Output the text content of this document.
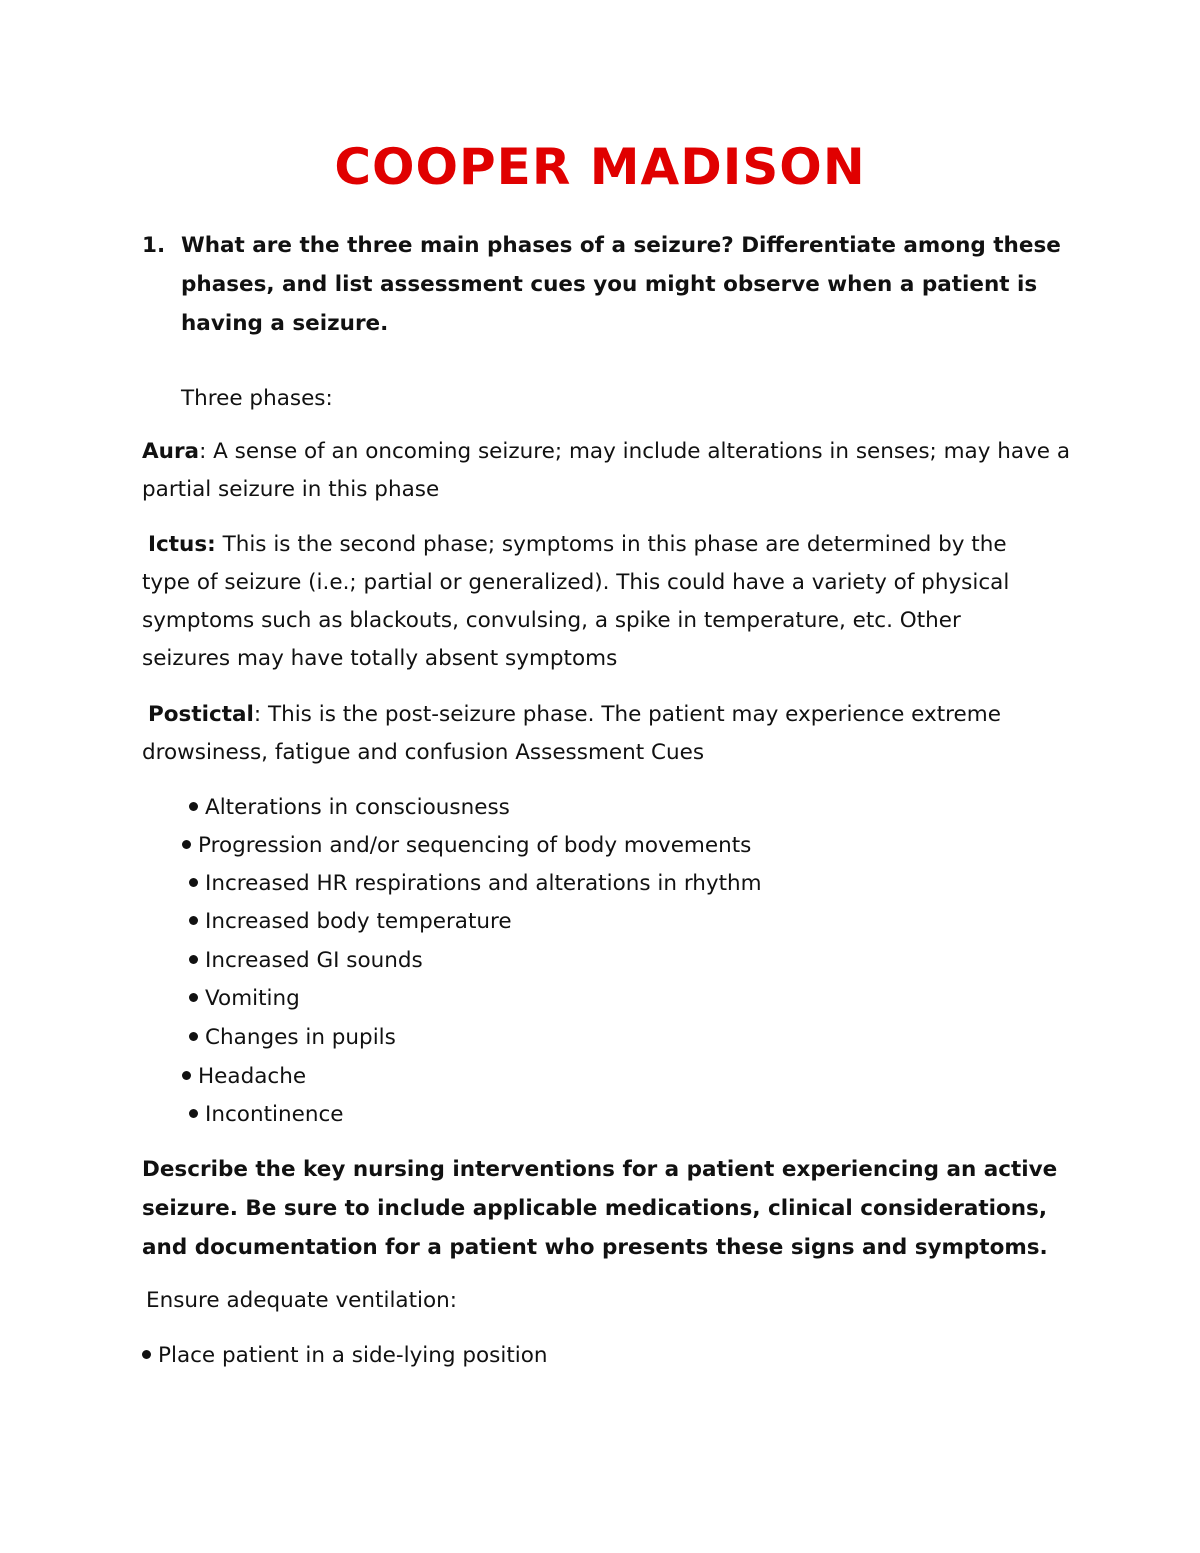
COOPER MADISON
1. What are the three main phases of a seizure? Differentiate among these phases, and list assessment cues you might observe when a patient is having a seizure.
Three phases:
Aura: A sense of an oncoming seizure; may include alterations in senses; may have a partial seizure in this phase
Ictus: This is the second phase; symptoms in this phase are determined by the type of seizure (i.e.; partial or generalized). This could have a variety of physical symptoms such as blackouts, convulsing, a spike in temperature, etc. Other seizures may have totally absent symptoms
Postictal: This is the post-seizure phase. The patient may experience extreme drowsiness, fatigue and confusion Assessment Cues
Alterations in consciousness
Progression and/or sequencing of body movements
Increased HR respirations and alterations in rhythm
Increased body temperature
Increased GI sounds
Vomiting
Changes in pupils
Headache
Incontinence
Describe the key nursing interventions for a patient experiencing an active seizure. Be sure to include applicable medications, clinical considerations, and documentation for a patient who presents these signs and symptoms.
Ensure adequate ventilation:
Place patient in a side-lying position
